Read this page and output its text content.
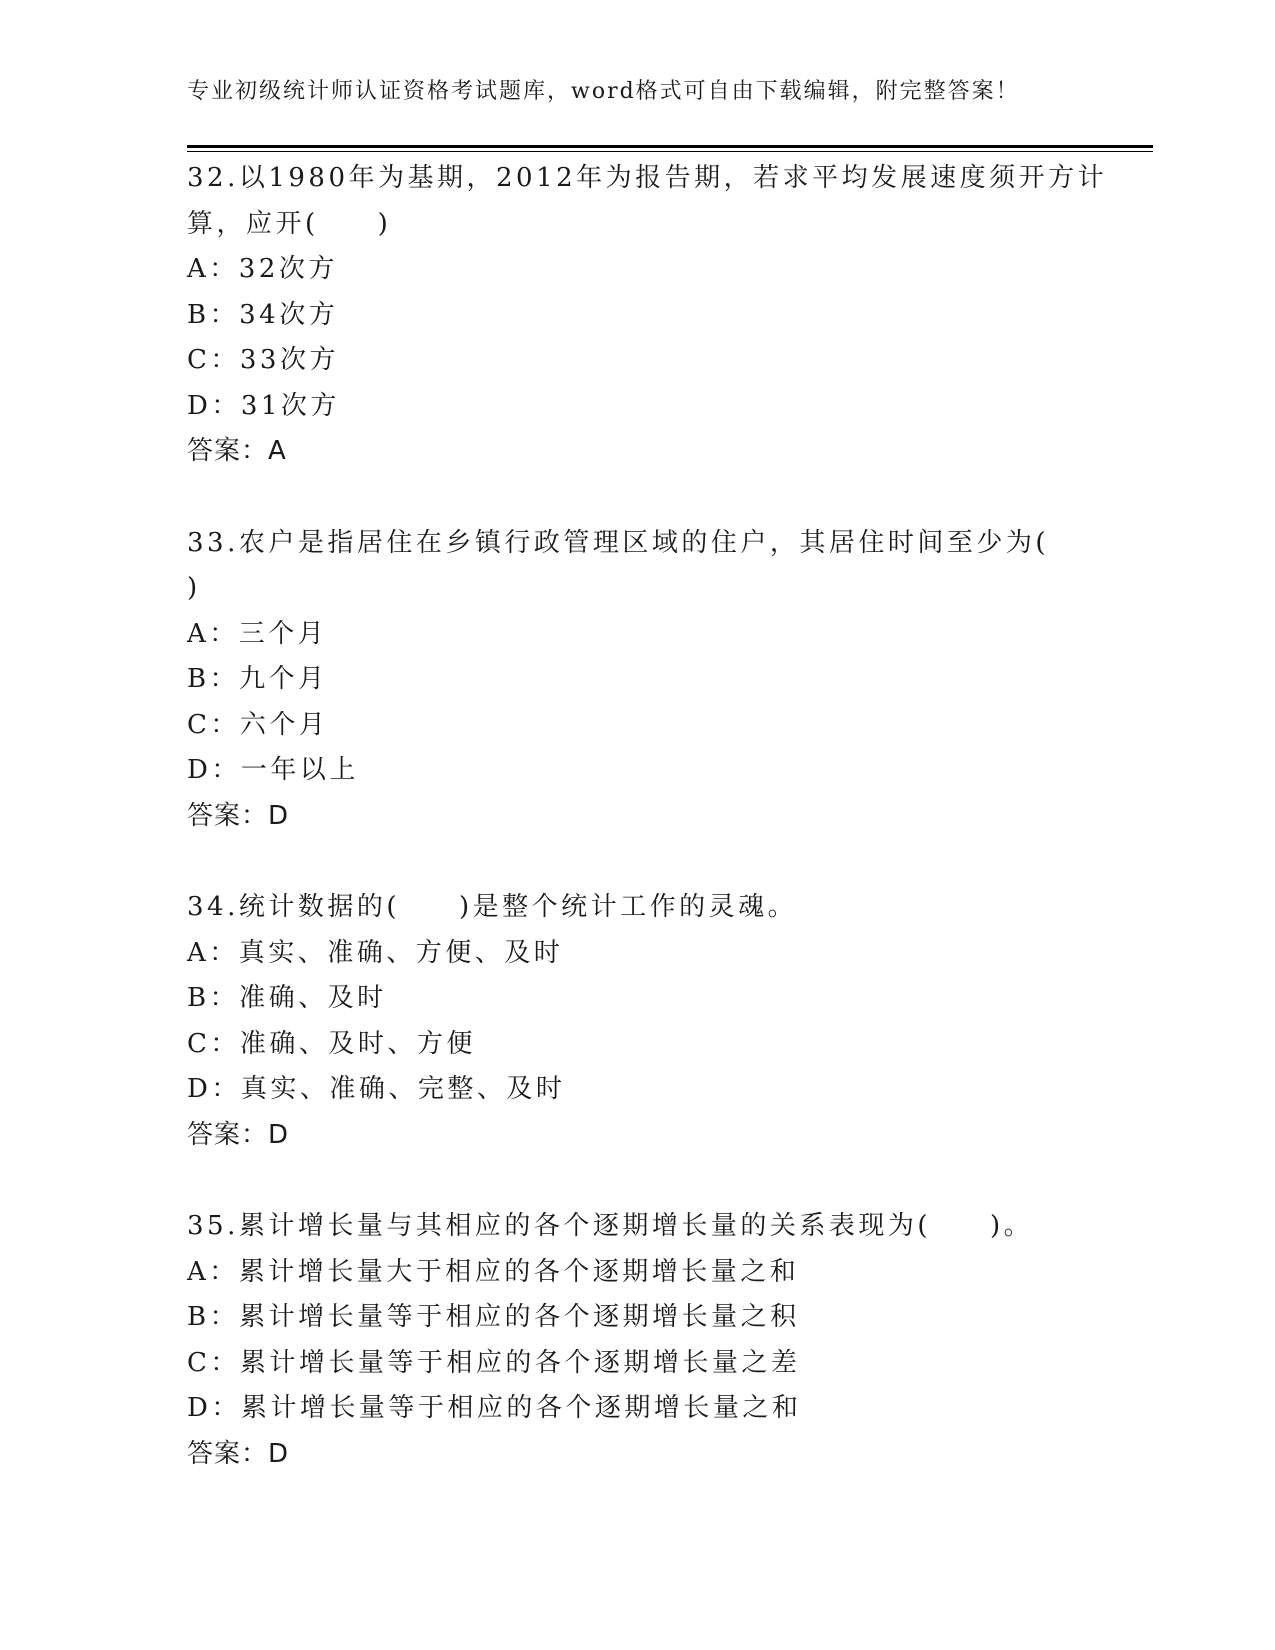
专业初级统计师认证资格考试题库，word格式可自由下载编辑，附完整答案！
32.以1980年为基期，2012年为报告期，若求平均发展速度须开方计
算，应开(　　)
A：32次方
B：34次方
C：33次方
D：31次方
答案：A
33.农户是指居住在乡镇行政管理区域的住户，其居住时间至少为(
)
A：三个月
B：九个月
C：六个月
D：一年以上
答案：D
34.统计数据的(　　)是整个统计工作的灵魂。
A：真实、准确、方便、及时
B：准确、及时
C：准确、及时、方便
D：真实、准确、完整、及时
答案：D
35.累计增长量与其相应的各个逐期增长量的关系表现为(　　)。
A：累计增长量大于相应的各个逐期增长量之和
B：累计增长量等于相应的各个逐期增长量之积
C：累计增长量等于相应的各个逐期增长量之差
D：累计增长量等于相应的各个逐期增长量之和
答案：D
